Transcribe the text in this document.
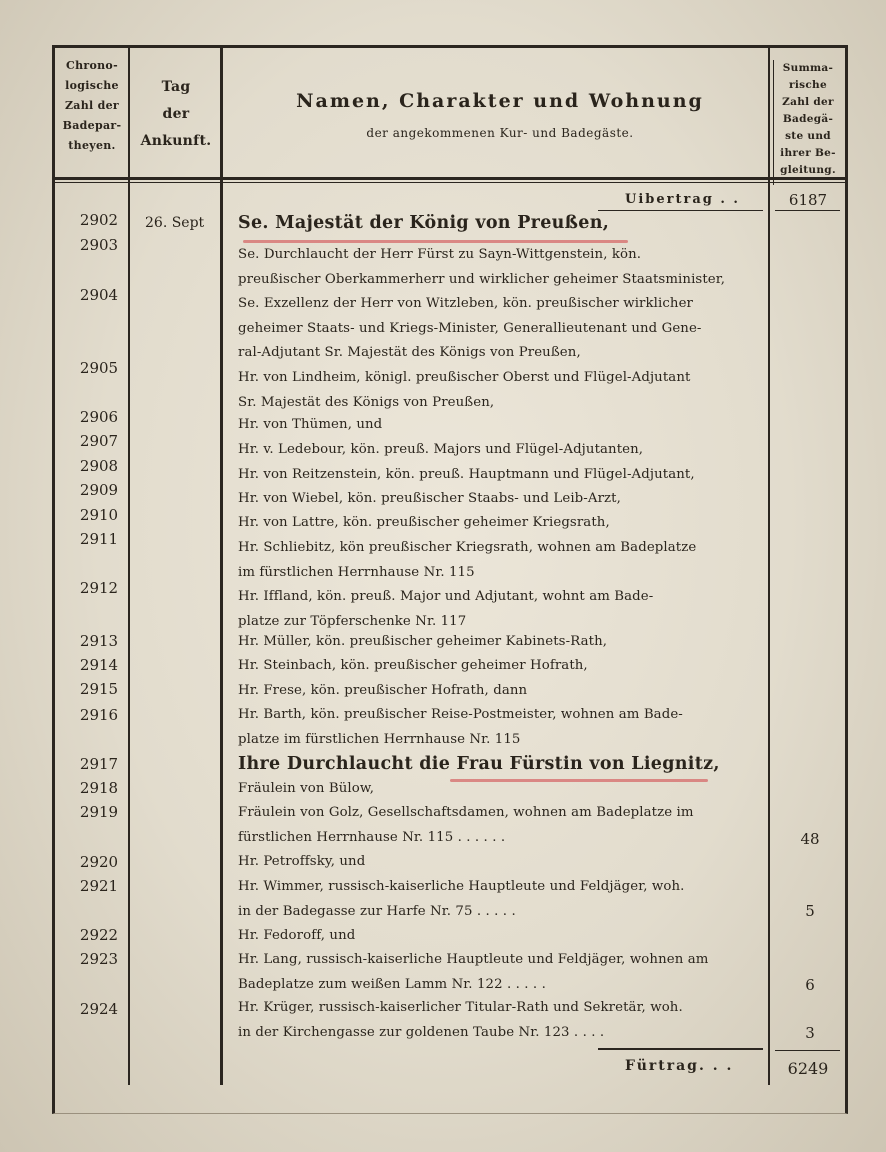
Chrono-
logische
Zahl der
Badepar-
theyen.
Tag
der
Ankunft.
Namen, Charakter und Wohnung
der angekommenen Kur- und Badegäste.
Summa-
rische
Zahl der
Badegä-
ste und
ihrer Be-
gleitung.
Uibertrag . .	6187
26. Sept
2902
2903
2904
2905
2906
2907
2908
2909
2910
2911
2912
2913
2914
2915
2916
2917
2918
2919
2920
2921
2922
2923
2924
Se. Majestät der König von Preußen,
Se. Durchlaucht der Herr Fürst zu Sayn-Wittgenstein, kön.
preußischer Oberkammerherr und wirklicher geheimer Staatsminister,
Se. Exzellenz der Herr von Witzleben, kön. preußischer wirklicher
geheimer Staats- und Kriegs-Minister, Generallieutenant und Gene-
ral-Adjutant Sr. Majestät des Königs von Preußen,
Hr. von Lindheim, königl. preußischer Oberst und Flügel-Adjutant
Sr. Majestät des Königs von Preußen,
Hr. von Thümen, und
Hr. v. Ledebour, kön. preuß. Majors und Flügel-Adjutanten,
Hr. von Reitzenstein, kön. preuß. Hauptmann und Flügel-Adjutant,
Hr. von Wiebel, kön. preußischer Staabs- und Leib-Arzt,
Hr. von Lattre, kön. preußischer geheimer Kriegsrath,
Hr. Schliebitz, kön preußischer Kriegsrath, wohnen am Badeplatze
im fürstlichen Herrnhause Nr. 115
Hr. Iffland, kön. preuß. Major und Adjutant, wohnt am Bade-
platze zur Töpferschenke Nr. 117
Hr. Müller, kön. preußischer geheimer Kabinets-Rath,
Hr. Steinbach, kön. preußischer geheimer Hofrath,
Hr. Frese, kön. preußischer Hofrath, dann
Hr. Barth, kön. preußischer Reise-Postmeister, wohnen am Bade-
platze im fürstlichen Herrnhause Nr. 115
Ihre Durchlaucht die Frau Fürstin von Liegnitz,
Fräulein von Bülow,
Fräulein von Golz, Gesellschaftsdamen, wohnen am Badeplatze im
fürstlichen Herrnhause Nr. 115 . . . . . .
Hr. Petroffsky, und
Hr. Wimmer, russisch-kaiserliche Hauptleute und Feldjäger, woh.
in der Badegasse zur Harfe Nr. 75 . . . . .
Hr. Fedoroff, und
Hr. Lang, russisch-kaiserliche Hauptleute und Feldjäger, wohnen am
Badeplatze zum weißen Lamm Nr. 122 . . . . .
Hr. Krüger, russisch-kaiserlicher Titular-Rath und Sekretär, woh.
in der Kirchengasse zur goldenen Taube Nr. 123 . . . .
48
5
6
3
Fürtrag. . .	6249
